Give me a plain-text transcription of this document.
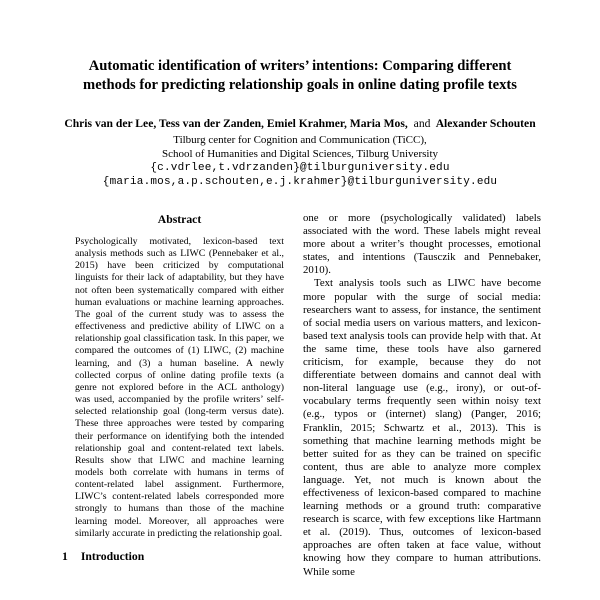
Automatic identification of writers’ intentions: Comparing different
methods for predicting relationship goals in online dating profile texts
Chris van der Lee, Tess van der Zanden, Emiel Krahmer, Maria Mos, and Alexander Schouten
Tilburg center for Cognition and Communication (TiCC),
School of Humanities and Digital Sciences, Tilburg University
{c.vdrlee,t.vdrzanden}@tilburguniversity.edu
{maria.mos,a.p.schouten,e.j.krahmer}@tilburguniversity.edu
Abstract

Psychologically motivated, lexicon-based text analysis methods such as LIWC (Pennebaker et al., 2015) have been criticized by computational linguists for their lack of adaptability, but they have not often been systematically compared with either human evaluations or machine learning approaches. The goal of the current study was to assess the effectiveness and predictive ability of LIWC on a relationship goal classification task. In this paper, we compared the outcomes of (1) LIWC, (2) machine learning, and (3) a human baseline. A newly collected corpus of online dating profile texts (a genre not explored before in the ACL anthology) was used, accompanied by the profile writers’ self-selected relationship goal (long-term versus date). These three approaches were tested by comparing their performance on identifying both the intended relationship goal and content-related text labels. Results show that LIWC and machine learning models both correlate with humans in terms of content-related label assignment. Furthermore, LIWC’s content-related labels corresponded more strongly to humans than those of the machine learning model. Moreover, all approaches were similarly accurate in predicting the relationship goal.

1 Introduction

one or more (psychologically validated) labels associated with the word. These labels might reveal more about a writer’s thought processes, emotional states, and intentions (Tausczik and Pennebaker, 2010).

Text analysis tools such as LIWC have become more popular with the surge of social media: researchers want to assess, for instance, the sentiment of social media users on various matters, and lexicon-based text analysis tools can provide help with that. At the same time, these tools have also garnered criticism, for example, because they do not differentiate between domains and cannot deal with non-literal language use (e.g., irony), or out-of-vocabulary terms frequently seen within noisy text (e.g., typos or (internet) slang) (Panger, 2016; Franklin, 2015; Schwartz et al., 2013). This is something that machine learning methods might be better suited for as they can be trained on specific content, thus are able to analyze more complex language. Yet, not much is known about the effectiveness of lexicon-based compared to machine learning methods or a ground truth: comparative research is scarce, with few exceptions like Hartmann et al. (2019). Thus, outcomes of lexicon-based approaches are often taken at face value, without knowing how they compare to human attributions. While some
